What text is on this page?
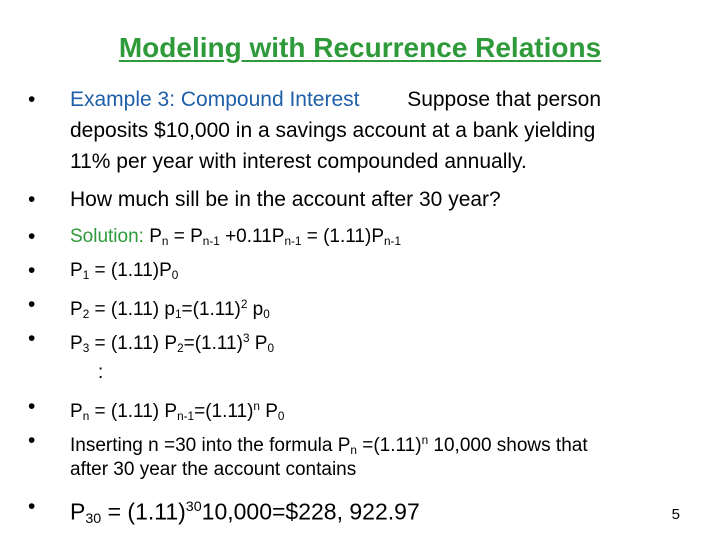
Modeling with Recurrence Relations
• Example 3: Compound Interest Suppose that person
deposits $10,000 in a savings account at a bank yielding
11% per year with interest compounded annually.
• How much sill be in the account after 30 year?
• Solution: $P_n = P_{n-1} +0.11P_{n-1} = (1.11)P_{n-1}$
• $P_1 = (1.11)P_0$
• $P_2 = (1.11)$ $p_1=(1.11)^2$ $p_0$
• $P_3 = (1.11)$ $P_2=(1.11)^3$ $P_0$
:
• $P_n = (1.11)$ $P_{n-1}=(1.11)^n$ $P_0$
• Inserting n =30 into the formula $P_n =(1.11)^n$ 10,000 shows that
after 30 year the account contains
• $P_{30}$ = $(1.11)^{30}10,000=\$228$, 922.97	5
